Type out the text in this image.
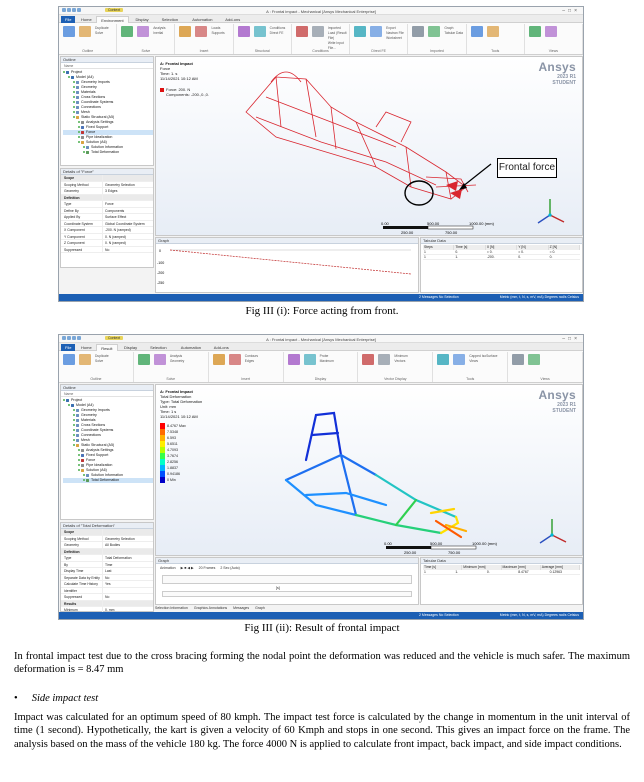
Context	A : Frontal impact - Mechanical [Ansys Mechanical Enterprise]	–□×
File	Home	Environment	Display	Selection	Automation	Add-ons
Duplicate
Solve
Outline
Analysis
Inertial
Solve
Loads
Supports
Insert
Conditions
Direct FE
Structural
Imported Load (Result File)
Write Input File...
Conditions
Export Nastran File
Worksheet
Direct FE
Graph
Tabular Data
Imported	Tools	Views
Outline
Name
Project
Model (A4)
Geometry Imports
Geometry
Materials
Cross Sections
Coordinate Systems
Connections
Mesh
Static Structural (A5)
Analysis Settings
Fixed Support
Force
Pipe Idealization
Solution (A6)
Solution Information
Total Deformation
Details of "Force"
Scope
Scoping Method	Geometry Selection
Geometry	3 Edges
Definition
Type	Force
Define By	Components
Applied By	Surface Effect
Coordinate System	Global Coordinate System
X Component	-200. N (ramped)
Y Component	0. N (ramped)
Z Component	0. N (ramped)
Suppressed	No
A: Frontal Impact
Force
Time: 1. s
11/14/2021 10:12 AM
Force: 200. N
Components: -200.,0.,0.
Ansys
2023 R1
STUDENT
Frontal force
0.00	500.00	1000.00 (mm)
250.00	750.00
Graph
0
-100
-200
-250
Tabular Data
Steps	Time [s]	X [N]	Y [N]	Z [N]
1	0.	= 0.	= 0.	= 0.
1	1.	-200.	0.	0.
2 Messages No Selection	Metric (mm, t, N, s, mV, mA) Degrees rad/s Celsius
Fig III (i): Force acting from front.
Context	A : Frontal impact - Mechanical [Ansys Mechanical Enterprise]	–□×
File	Home	Result	Display	Selection	Automation	Add-ons
Duplicate
Solve
Outline
Analysis
Geometry
Solve
Contours
Edges
Insert
Probe
Maximum
Display
Minimum
Vectors
Vector Display
Capped IsoSurface
Views
Tools	Views
Outline
Name
Project
Model (A4)
Geometry Imports
Geometry
Materials
Cross Sections
Coordinate Systems
Connections
Mesh
Static Structural (A5)
Analysis Settings
Fixed Support
Force
Pipe Idealization
Solution (A6)
Solution Information
Total Deformation
Details of "Total Deformation"
Scope
Scoping Method	Geometry Selection
Geometry	All Bodies
Definition
Type	Total Deformation
By	Time
Display Time	Last
Separate Data by Entity	No
Calculate Time History	Yes
Identifier
Suppressed	No
Results
Minimum	0. mm
A: Frontal Impact
Total Deformation
Type: Total Deformation
Unit: mm
Time: 1 s
11/14/2021 10:12 AM
8.4767 Max
7.5348
6.593
5.6511
4.7093
3.7674
2.8256
1.8837
0.94186
0 Min
Ansys
2023 R1
STUDENT
0.00	500.00	1000.00 (mm)
250.00	750.00
Graph
Animation ▶ ■ ◀ ▶ 20 Frames 2 Sec (Auto)
[s]
Tabular Data
Time [s]	Minimum [mm]	Maximum [mm]	Average [mm]
1	1.	0.	8.4767	0.12963
Selection Information Graphics Annotations Messages Graph
2 Messages No Selection	Metric (mm, t, N, s, mV, mA) Degrees rad/s Celsius
Fig III (ii): Result of frontal impact
In frontal impact test due to the cross bracing forming the nodal point the deformation was reduced and the vehicle is much safer. The maximum deformation is = 8.47 mm
• Side impact test
Impact was calculated for an optimum speed of 80 kmph. The impact test force is calculated by the change in momentum in the unit interval of time (1 second). Hypothetically, the kart is given a velocity of 60 Kmph and stops in one second. This gives an impact force on the frame. The analysis based on the mass of the vehicle 180 kg. The force 4000 N is applied to calculate front impact, back impact, and side impact conditions.
